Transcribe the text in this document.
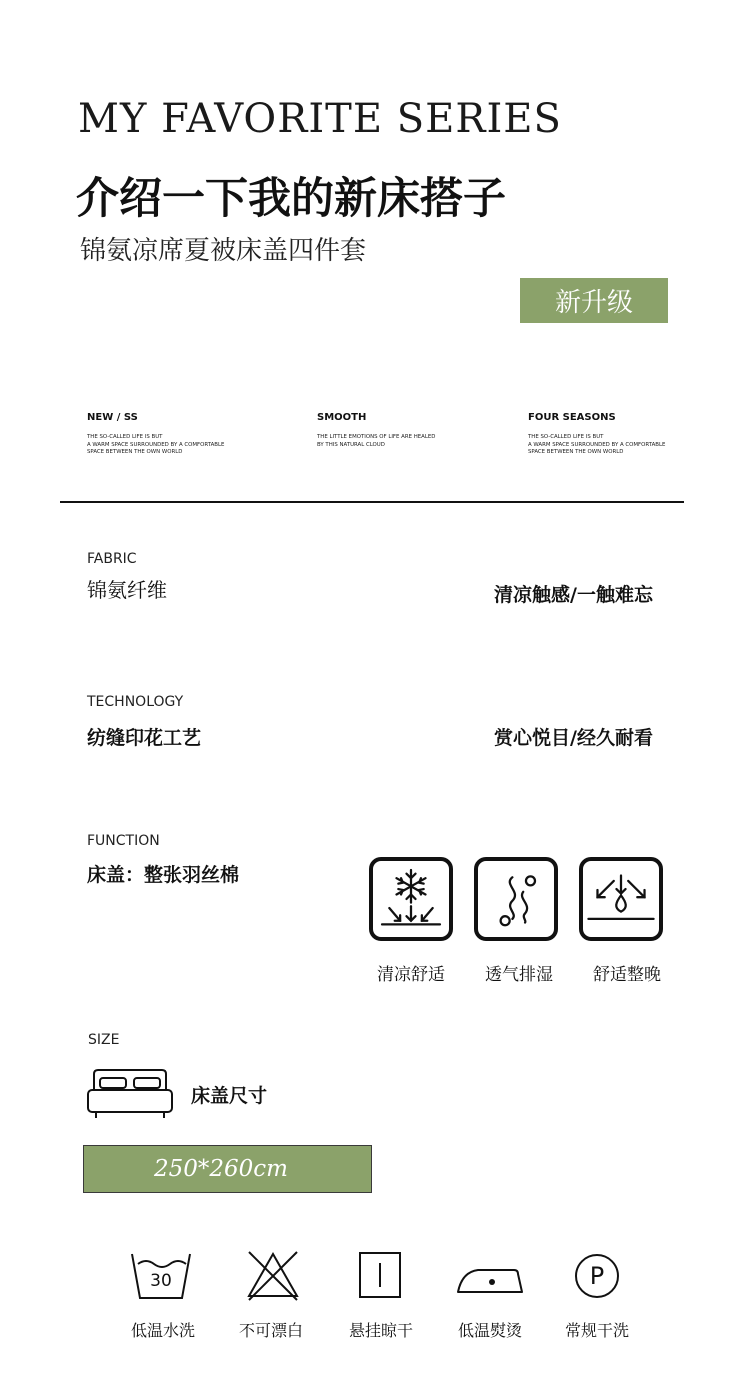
MY FAVORITE SERIES
介绍一下我的新床搭子
锦氨凉席夏被床盖四件套
新升级
NEW / SS
THE SO-CALLED LIFE IS BUT
A WARM SPACE SURROUNDED BY A COMFORTABLE
SPACE BETWEEN THE OWN WORLD
SMOOTH
THE LITTLE EMOTIONS OF LIFE ARE HEALED
BY THIS NATURAL CLOUD
FOUR SEASONS
THE SO-CALLED LIFE IS BUT
A WARM SPACE SURROUNDED BY A COMFORTABLE
SPACE BETWEEN THE OWN WORLD
FABRIC
锦氨纤维	清凉触感/一触难忘
TECHNOLOGY
纺缝印花工艺	赏心悦目/经久耐看
FUNCTION
床盖：整张羽丝棉
清凉舒适	透气排湿	舒适整晚
SIZE
床盖尺寸
250*260cm
30	P
低温水洗	不可漂白	悬挂晾干	低温熨烫	常规干洗
